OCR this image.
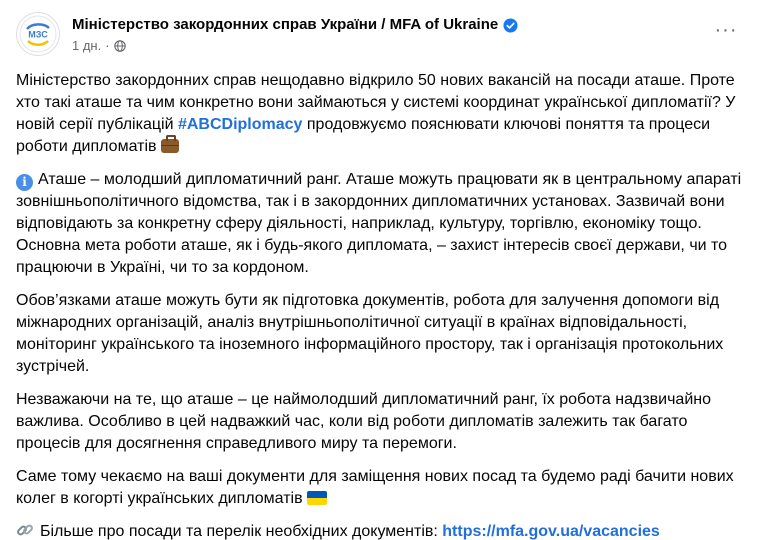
МЗС
Міністерство закордонних справ України / MFA of Ukraine
1 дн. ·
···

Міністерство закордонних справ нещодавно відкрило 50 нових вакансій на посади аташе. Проте хто такі аташе та чим конкретно вони займаються у системі координат української дипломатії? У новій серії публікацій #ABCDiplomacy продовжуємо пояснювати ключові поняття та процеси роботи дипломатів

i Аташе – молодший дипломатичний ранг. Аташе можуть працювати як в центральному апараті зовнішньополітичного відомства, так і в закордонних дипломатичних установах. Зазвичай вони відповідають за конкретну сферу діяльності, наприклад, культуру, торгівлю, економіку тощо. Основна мета роботи аташе, як і будь-якого дипломата, – захист інтересів своєї держави, чи то працюючи в Україні, чи то за кордоном.

Обов’язками аташе можуть бути як підготовка документів, робота для залучення допомоги від міжнародних організацій, аналіз внутрішньополітичної ситуації в країнах відповідальності, моніторинг українського та іноземного інформаційного простору, так і організація протокольних зустрічей.

Незважаючи на те, що аташе – це наймолодший дипломатичний ранг, їх робота надзвичайно важлива. Особливо в цей надважкий час, коли від роботи дипломатів залежить так багато процесів для досягнення справедливого миру та перемоги.

Саме тому чекаємо на ваші документи для заміщення нових посад та будемо раді бачити нових колег в когорті українських дипломатів

Більше про посади та перелік необхідних документів: https://mfa.gov.ua/vacancies
